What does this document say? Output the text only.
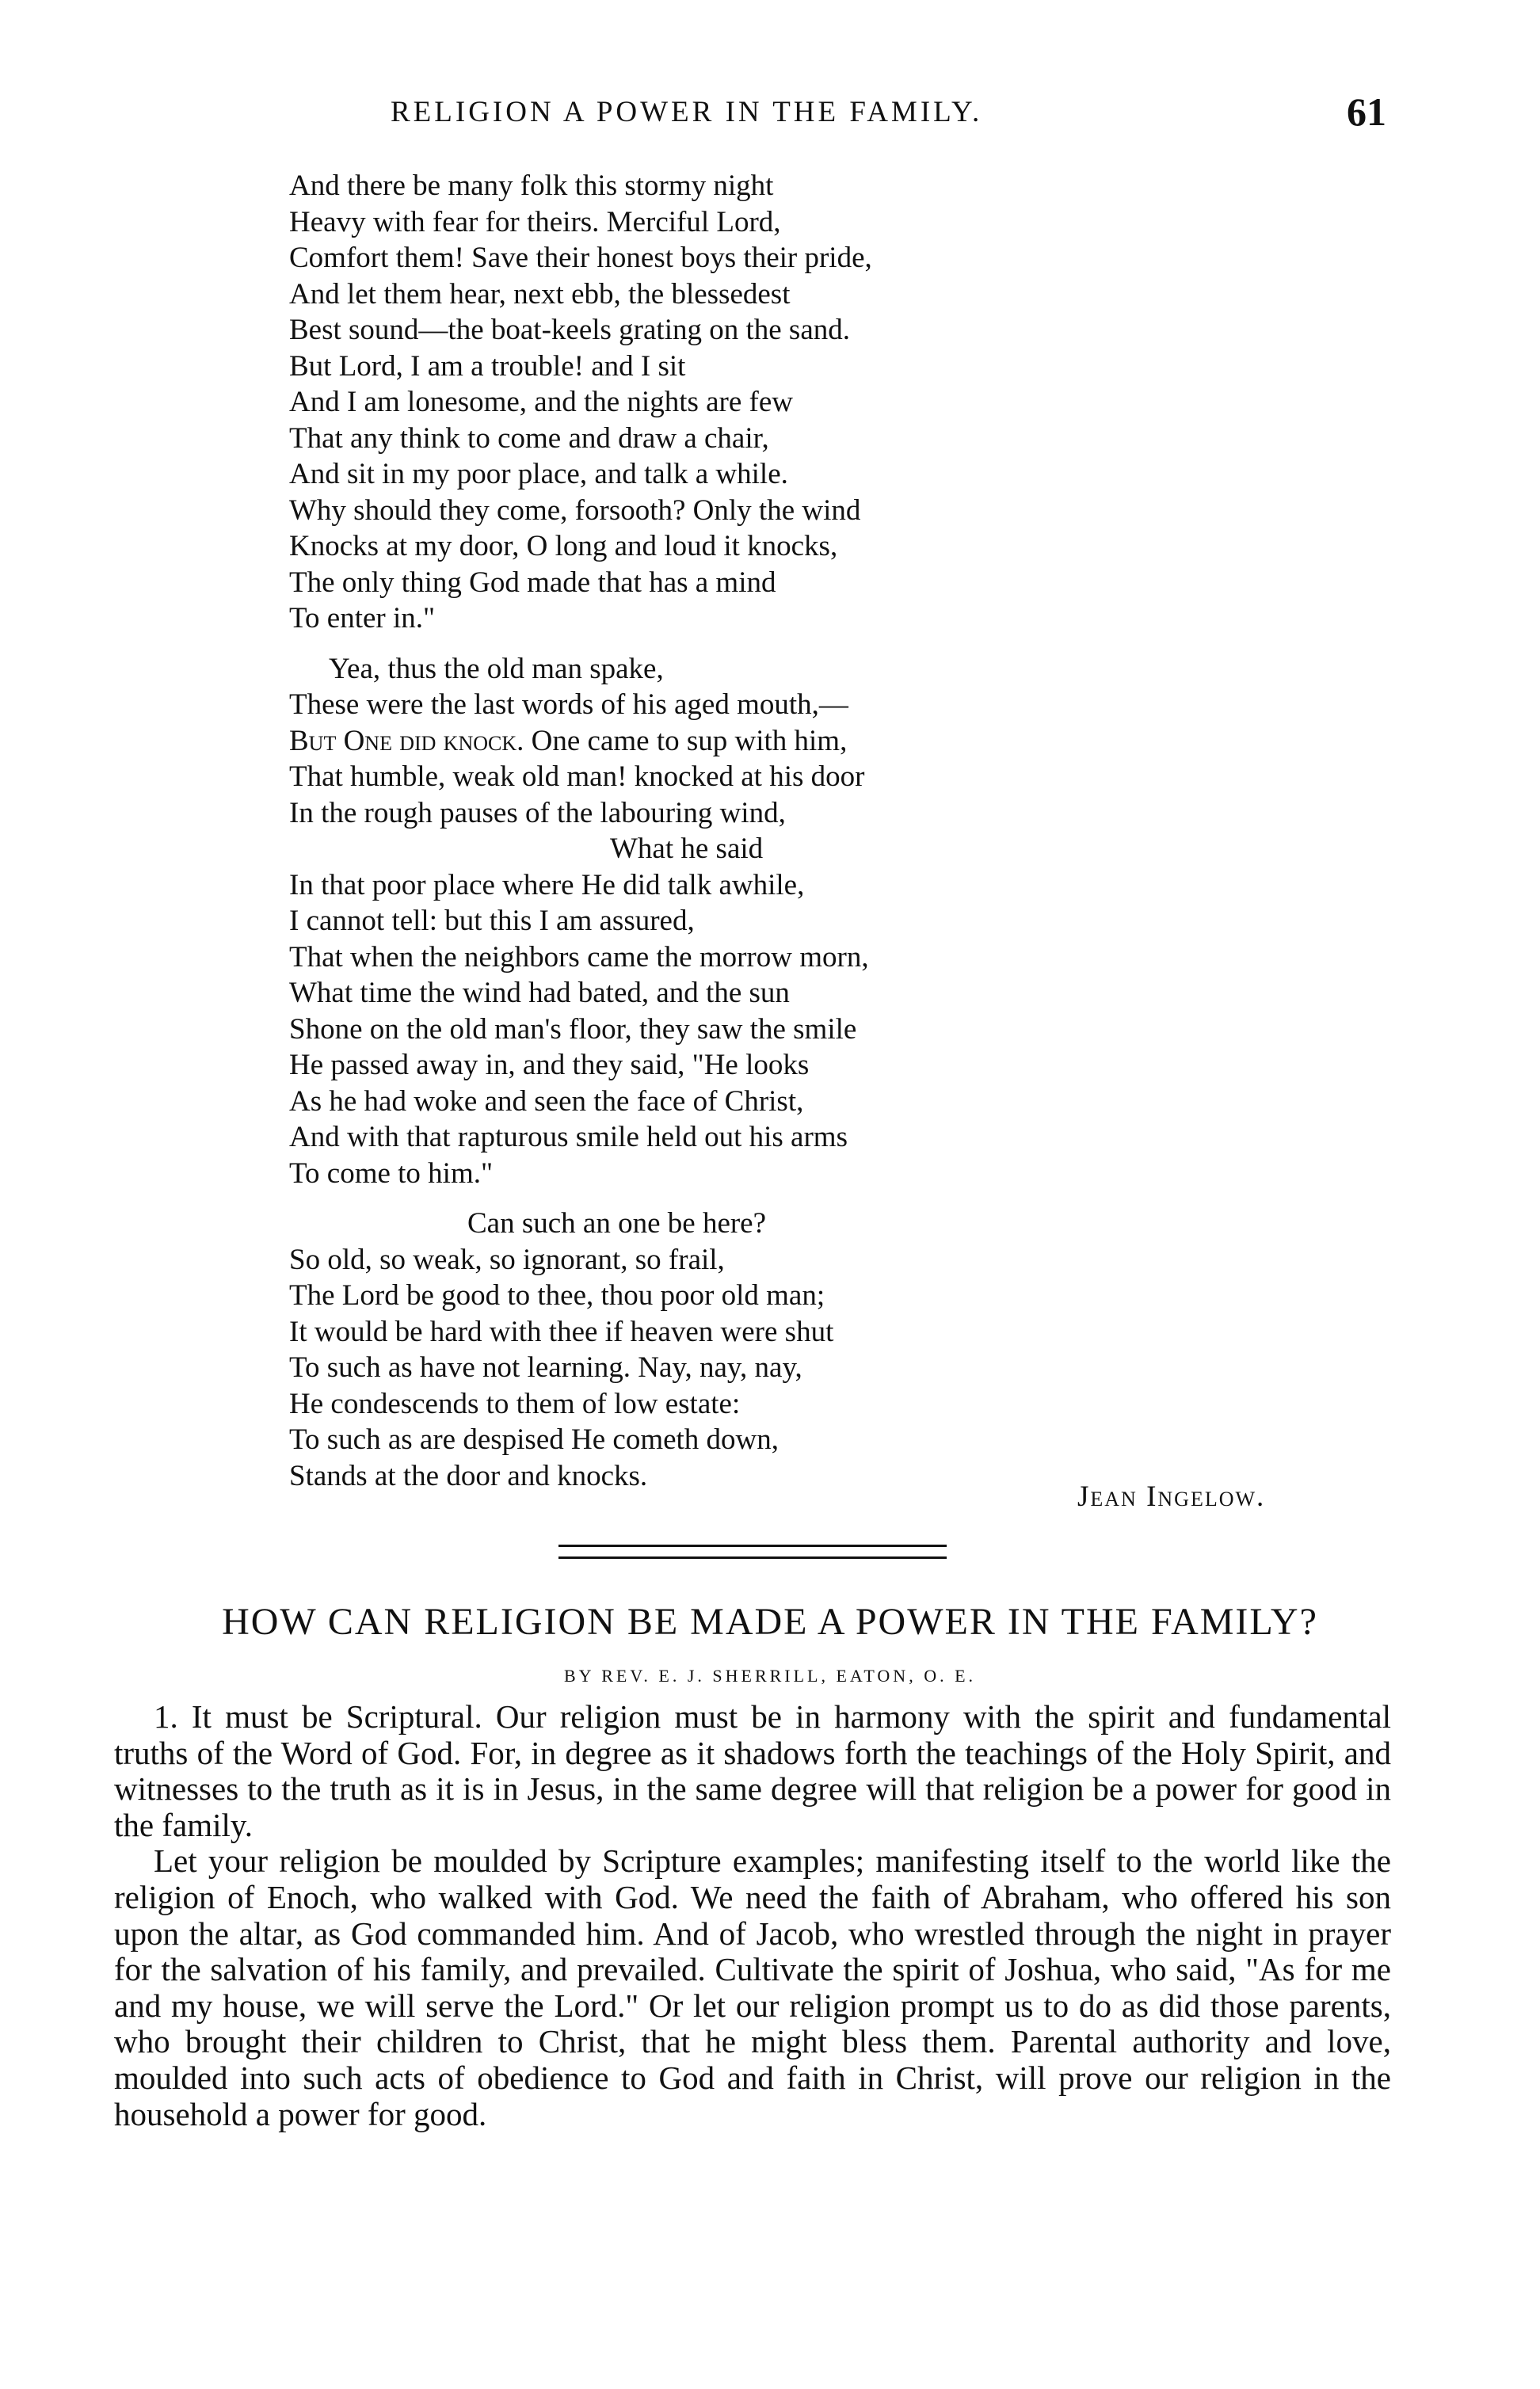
RELIGION A POWER IN THE FAMILY.	61
And there be many folk this stormy night
Heavy with fear for theirs. Merciful Lord,
Comfort them! Save their honest boys their pride,
And let them hear, next ebb, the blessedest
Best sound—the boat-keels grating on the sand.
But Lord, I am a trouble! and I sit
And I am lonesome, and the nights are few
That any think to come and draw a chair,
And sit in my poor place, and talk a while.
Why should they come, forsooth? Only the wind
Knocks at my door, O long and loud it knocks,
The only thing God made that has a mind
To enter in."
Yea, thus the old man spake,
These were the last words of his aged mouth,—
But One did knock. One came to sup with him,
That humble, weak old man! knocked at his door
In the rough pauses of the labouring wind,
What he said
In that poor place where He did talk awhile,
I cannot tell: but this I am assured,
That when the neighbors came the morrow morn,
What time the wind had bated, and the sun
Shone on the old man's floor, they saw the smile
He passed away in, and they said, "He looks
As he had woke and seen the face of Christ,
And with that rapturous smile held out his arms
To come to him."
Can such an one be here?
So old, so weak, so ignorant, so frail,
The Lord be good to thee, thou poor old man;
It would be hard with thee if heaven were shut
To such as have not learning. Nay, nay, nay,
He condescends to them of low estate:
To such as are despised He cometh down,
Stands at the door and knocks.
Jean Ingelow.
HOW CAN RELIGION BE MADE A POWER IN THE FAMILY?
BY REV. E. J. SHERRILL, EATON, O. E.

1. It must be Scriptural. Our religion must be in harmony with the spirit and fundamental truths of the Word of God. For, in degree as it shadows forth the teachings of the Holy Spirit, and witnesses to the truth as it is in Jesus, in the same degree will that religion be a power for good in the family.

Let your religion be moulded by Scripture examples; manifesting itself to the world like the religion of Enoch, who walked with God. We need the faith of Abraham, who offered his son upon the altar, as God commanded him. And of Jacob, who wrestled through the night in prayer for the salvation of his family, and prevailed. Cultivate the spirit of Joshua, who said, "As for me and my house, we will serve the Lord." Or let our religion prompt us to do as did those parents, who brought their children to Christ, that he might bless them. Parental authority and love, moulded into such acts of obedience to God and faith in Christ, will prove our religion in the household a power for good.
